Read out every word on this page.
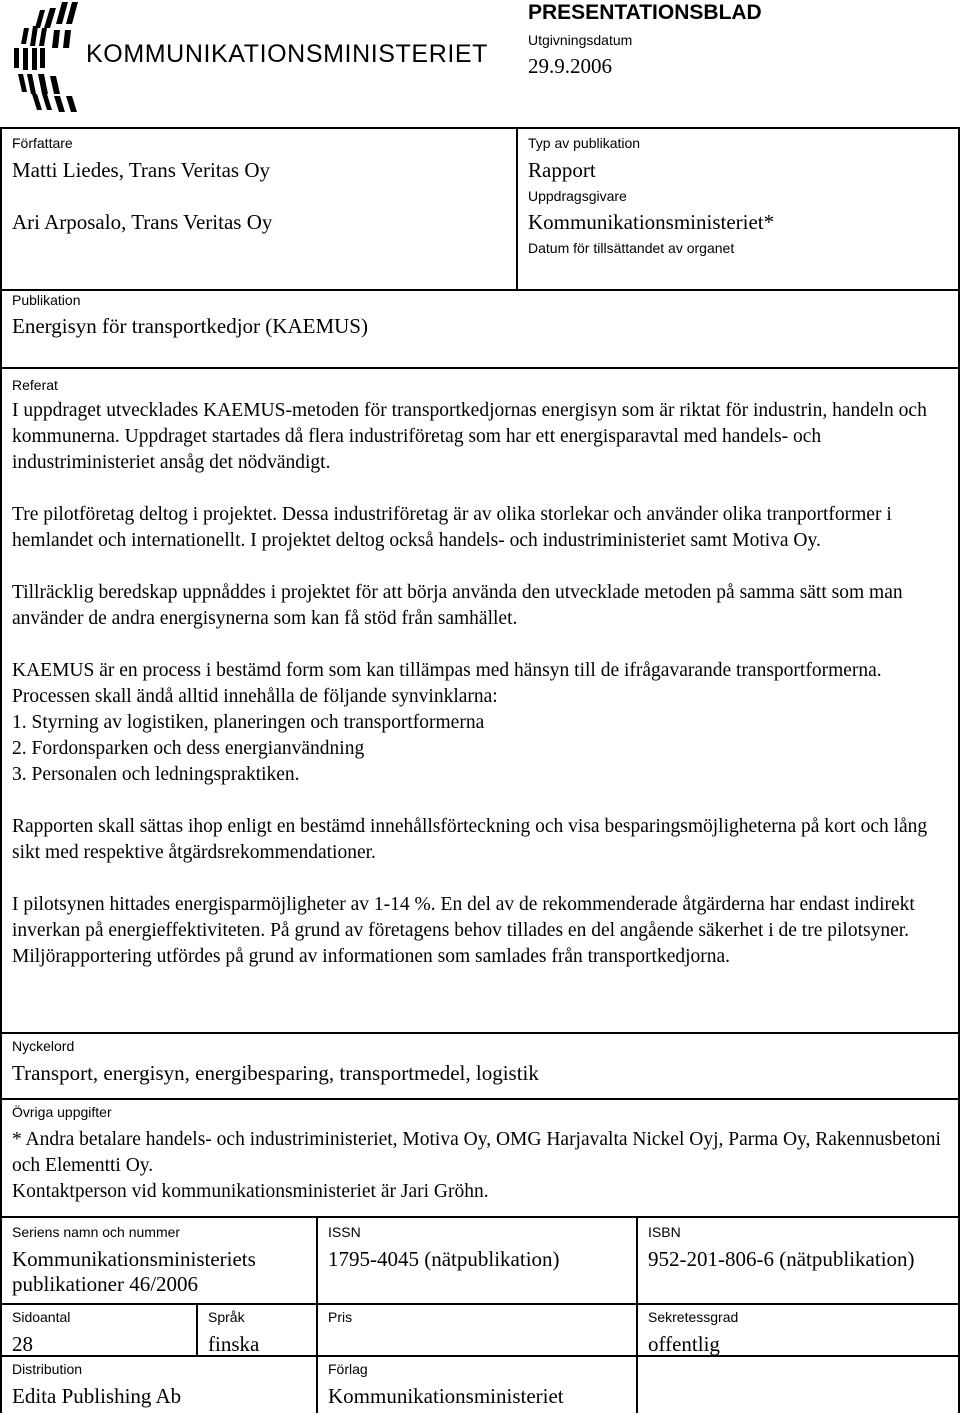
KOMMUNIKATIONSMINISTERIET
PRESENTATIONSBLAD
Utgivningsdatum
29.9.2006
Författare
Matti Liedes, Trans Veritas Oy
Ari Arposalo, Trans Veritas Oy
Typ av publikation
Rapport
Uppdragsgivare
Kommunikationsministeriet*
Datum för tillsättandet av organet
Publikation
Energisyn för transportkedjor (KAEMUS)
Referat

I uppdraget utvecklades KAEMUS-metoden för transportkedjornas energisyn som är riktat för industrin, handeln och kommunerna. Uppdraget startades då flera industriföretag som har ett energisparavtal med handels- och industriministeriet ansåg det nödvändigt.

Tre pilotföretag deltog i projektet. Dessa industriföretag är av olika storlekar och använder olika tranportformer i hemlandet och internationellt. I projektet deltog också handels- och industriministeriet samt Motiva Oy.

Tillräcklig beredskap uppnåddes i projektet för att börja använda den utvecklade metoden på samma sätt som man använder de andra energisynerna som kan få stöd från samhället.

KAEMUS är en process i bestämd form som kan tillämpas med hänsyn till de ifrågavarande transportformerna. Processen skall ändå alltid innehålla de följande synvinklarna:

1. Styrning av logistiken, planeringen och transportformerna
2. Fordonsparken och dess energianvändning
3. Personalen och ledningspraktiken.

Rapporten skall sättas ihop enligt en bestämd innehållsförteckning och visa besparingsmöjligheterna på kort och lång sikt med respektive åtgärdsrekommendationer.

I pilotsynen hittades energisparmöjligheter av 1-14 %. En del av de rekommenderade åtgärderna har endast indirekt inverkan på energieffektiviteten. På grund av företagens behov tillades en del angående säkerhet i de tre pilotsyner. Miljörapportering utfördes på grund av informationen som samlades från transportkedjorna.

Nyckelord
Transport, energisyn, energibesparing, transportmedel, logistik
Övriga uppgifter
* Andra betalare handels- och industriministeriet, Motiva Oy, OMG Harjavalta Nickel Oyj, Parma Oy, Rakennusbetoni och Elementti Oy.
Kontaktperson vid kommunikationsministeriet är Jari Gröhn.
Seriens namn och nummer
Kommunikationsministeriets
publikationer 46/2006
ISSN
1795-4045 (nätpublikation)
ISBN
952-201-806-6 (nätpublikation)
Sidoantal
28
Språk
finska
Pris	Sekretessgrad
offentlig
Distribution
Edita Publishing Ab
Förlag
Kommunikationsministeriet
